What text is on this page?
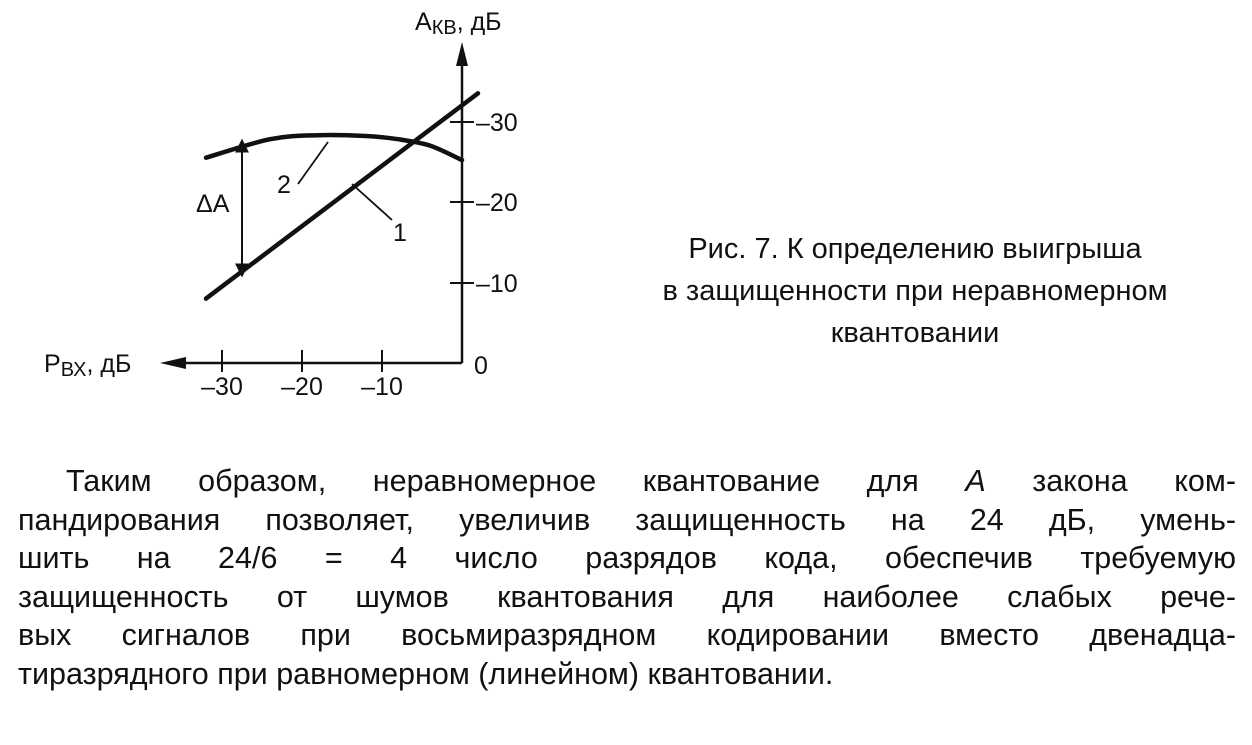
–30
–20
–10
0
–30 –20 –10
AКВ, дБ
PВХ, дБ
ΔA
1
2
Рис. 7. К определению выигрыша
в защищенности при неравномерном
квантовании
Таким образом, неравномерное квантование для A закона ком-
пандирования позволяет, увеличив защищенность на 24 дБ, умень-
шить на 24/6 = 4 число разрядов кода, обеспечив требуемую
защищенность от шумов квантования для наиболее слабых рече-
вых сигналов при восьмиразрядном кодировании вместо двенадца-
тиразрядного при равномерном (линейном) квантовании.
